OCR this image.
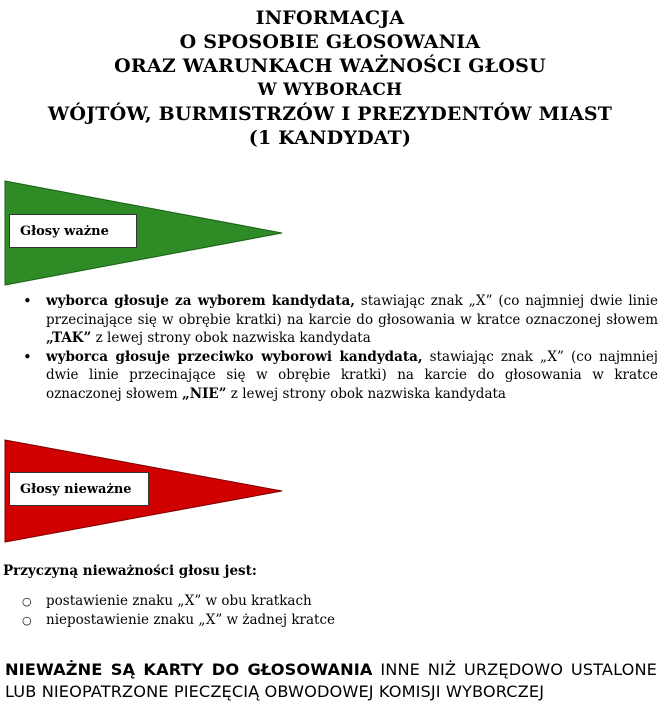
INFORMACJA
O SPOSOBIE GŁOSOWANIA
ORAZ WARUNKACH WAŻNOŚCI GŁOSU
W WYBORACH
WÓJTÓW, BURMISTRZÓW I PREZYDENTÓW MIAST
(1 KANDYDAT)
Głosy ważne
• wyborca głosuje za wyborem kandydata, stawiając znak „X” (co najmniej dwie linie przecinające się w obrębie kratki) na karcie do głosowania w kratce oznaczonej słowem „TAK” z lewej strony obok nazwiska kandydata
• wyborca głosuje przeciwko wyborowi kandydata, stawiając znak „X” (co najmniej dwie linie przecinające się w obrębie kratki) na karcie do głosowania w kratce oznaczonej słowem „NIE” z lewej strony obok nazwiska kandydata
Głosy nieważne
Przyczyną nieważności głosu jest:
○ postawienie znaku „X” w obu kratkach
○ niepostawienie znaku „X” w żadnej kratce
NIEWAŻNE SĄ KARTY DO GŁOSOWANIA INNE NIŻ URZĘDOWO USTALONE LUB NIEOPATRZONE PIECZĘCIĄ OBWODOWEJ KOMISJI WYBORCZEJ
